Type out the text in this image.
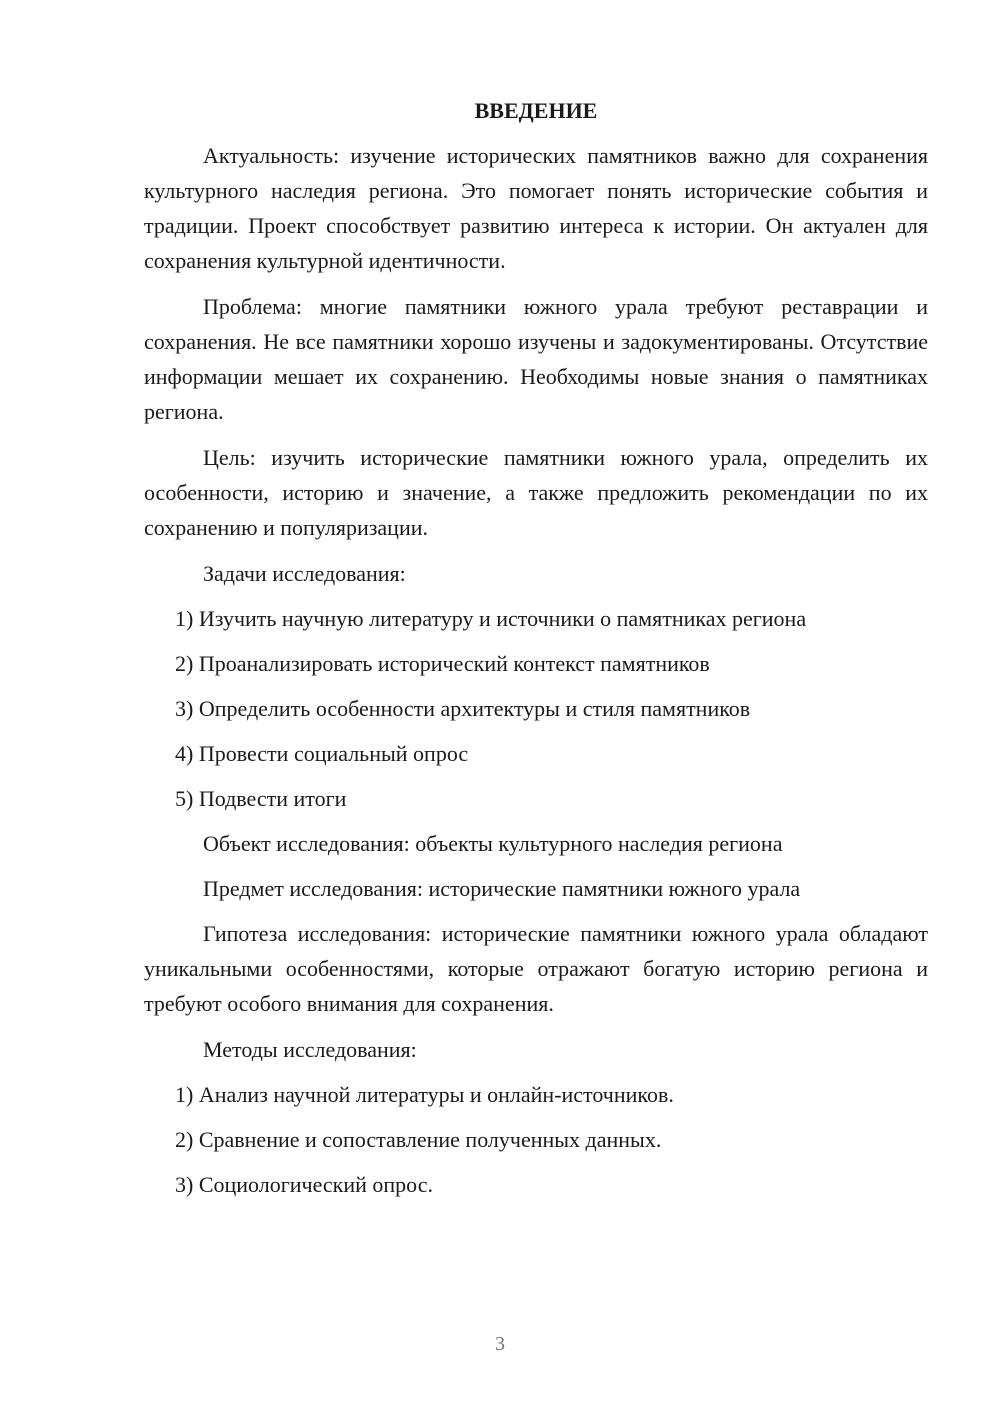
ВВЕДЕНИЕ
Актуальность: изучение исторических памятников важно для сохранения культурного наследия региона. Это помогает понять исторические события и традиции. Проект способствует развитию интереса к истории. Он актуален для сохранения культурной идентичности.
Проблема: многие памятники южного урала требуют реставрации и сохранения. Не все памятники хорошо изучены и задокументированы. Отсутствие информации мешает их сохранению. Необходимы новые знания о памятниках региона.
Цель: изучить исторические памятники южного урала, определить их особенности, историю и значение, а также предложить рекомендации по их сохранению и популяризации.
Задачи исследования:
1) Изучить научную литературу и источники о памятниках региона
2) Проанализировать исторический контекст памятников
3) Определить особенности архитектуры и стиля памятников
4) Провести социальный опрос
5) Подвести итоги
Объект исследования: объекты культурного наследия региона
Предмет исследования: исторические памятники южного урала
Гипотеза исследования: исторические памятники южного урала обладают уникальными особенностями, которые отражают богатую историю региона и требуют особого внимания для сохранения.
Методы исследования:
1) Анализ научной литературы и онлайн-источников.
2) Сравнение и сопоставление полученных данных.
3) Социологический опрос.
3
